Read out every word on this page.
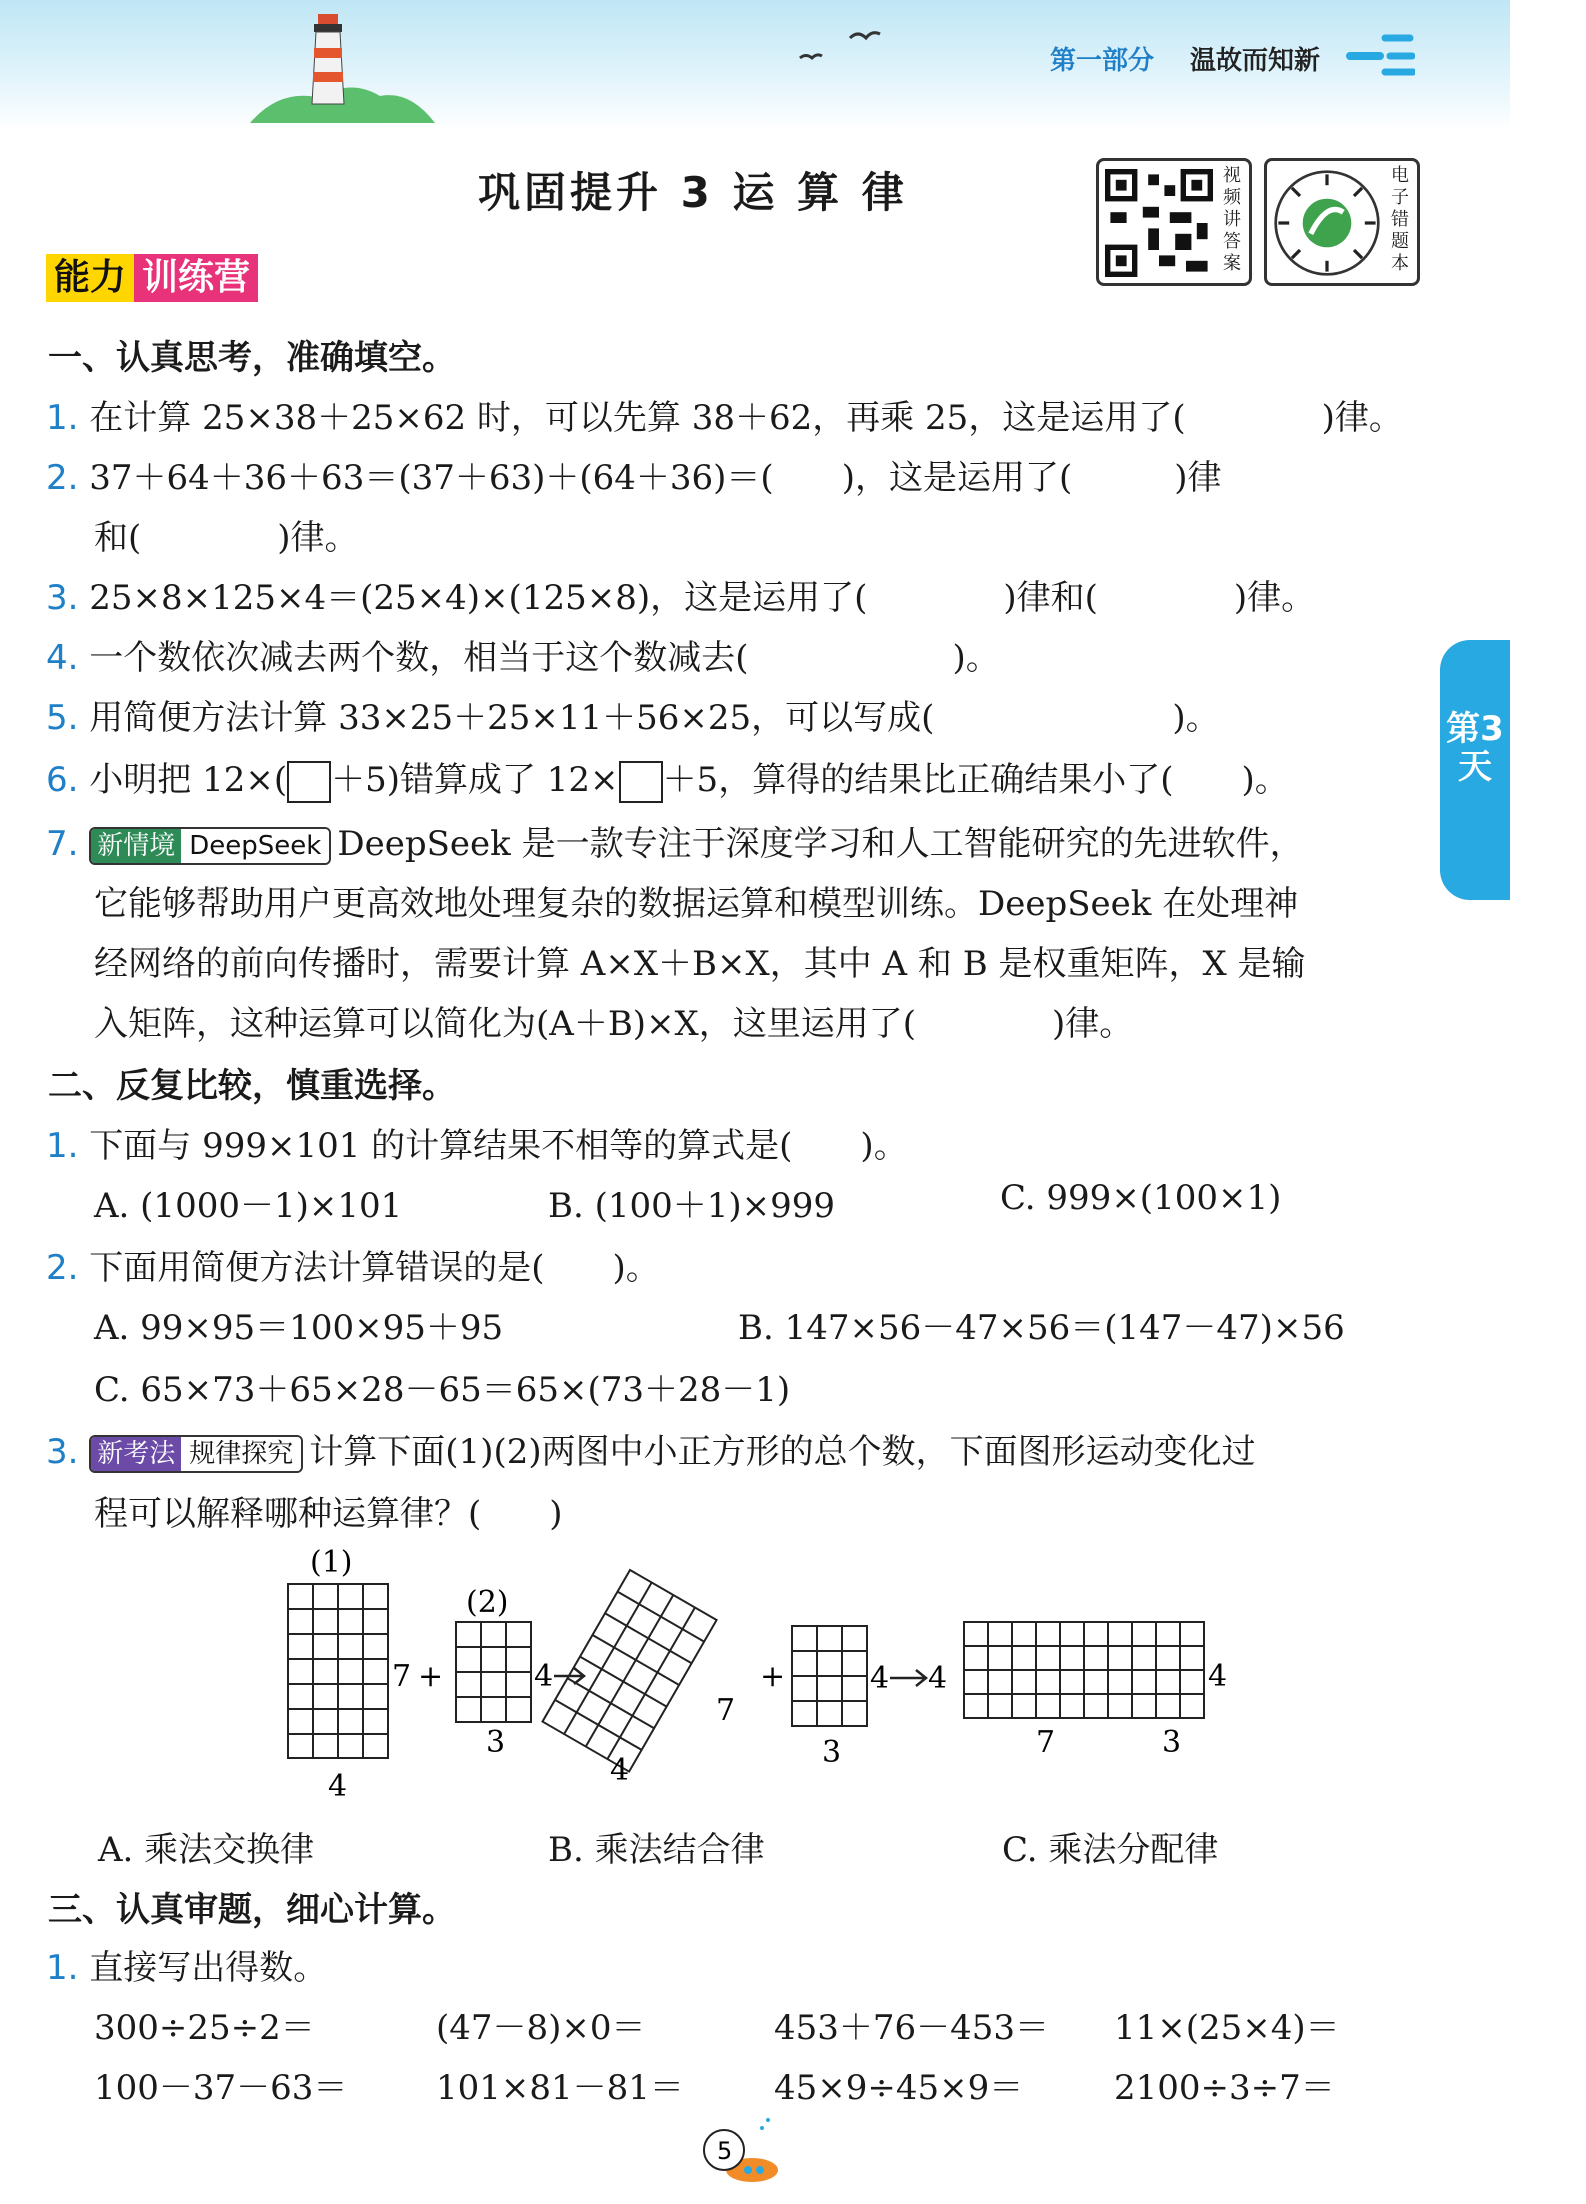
第一部分 温故而知新
巩固提升 3 运 算 律	视频讲答案
电子错题本
能力 训练营
第3天
一、认真思考，准确填空。
1. 在计算 25×38＋25×62 时，可以先算 38＋62，再乘 25，这是运用了(　　　　)律。
2. 37＋64＋36＋63＝(37＋63)＋(64＋36)＝(　　)，这是运用了(　　　)律
和(　　　　)律。
3. 25×8×125×4＝(25×4)×(125×8)，这是运用了(　　　　)律和(　　　　)律。
4. 一个数依次减去两个数，相当于这个数减去(　　　　　　)。
5. 用简便方法计算 33×25＋25×11＋56×25，可以写成(　　　　　　　)。
6. 小明把 12×( ＋5)错算成了 12× ＋5，算得的结果比正确结果小了(　　)。
7. 新情境 DeepSeek DeepSeek 是一款专注于深度学习和人工智能研究的先进软件，
它能够帮助用户更高效地处理复杂的数据运算和模型训练。DeepSeek 在处理神
经网络的前向传播时，需要计算 A×X＋B×X，其中 A 和 B 是权重矩阵，X 是输
入矩阵，这种运算可以简化为(A＋B)×X，这里运用了(　　　　)律。
二、反复比较，慎重选择。
1. 下面与 999×101 的计算结果不相等的算式是(　　)。
A. (1000－1)×101	B. (100＋1)×999	C. 999×(100×1)
2. 下面用简便方法计算错误的是(　　)。
A. 99×95＝100×95＋95	B. 147×56－47×56＝(147－47)×56
C. 65×73＋65×28－65＝65×(73＋28－1)
3. 新考法 规律探究 计算下面(1)(2)两图中小正方形的总个数，下面图形运动变化过
程可以解释哪种运算律？(　　)
(1)
7 +
4
(2)
4
3
7
4
+	4
3
4	4
7	3
A. 乘法交换律	B. 乘法结合律	C. 乘法分配律
三、认真审题，细心计算。
1. 直接写出得数。
300÷25÷2＝	(47－8)×0＝	453＋76－453＝ 11×(25×4)＝
100－37－63＝	101×81－81＝	45×9÷45×9＝	2100÷3÷7＝
5
